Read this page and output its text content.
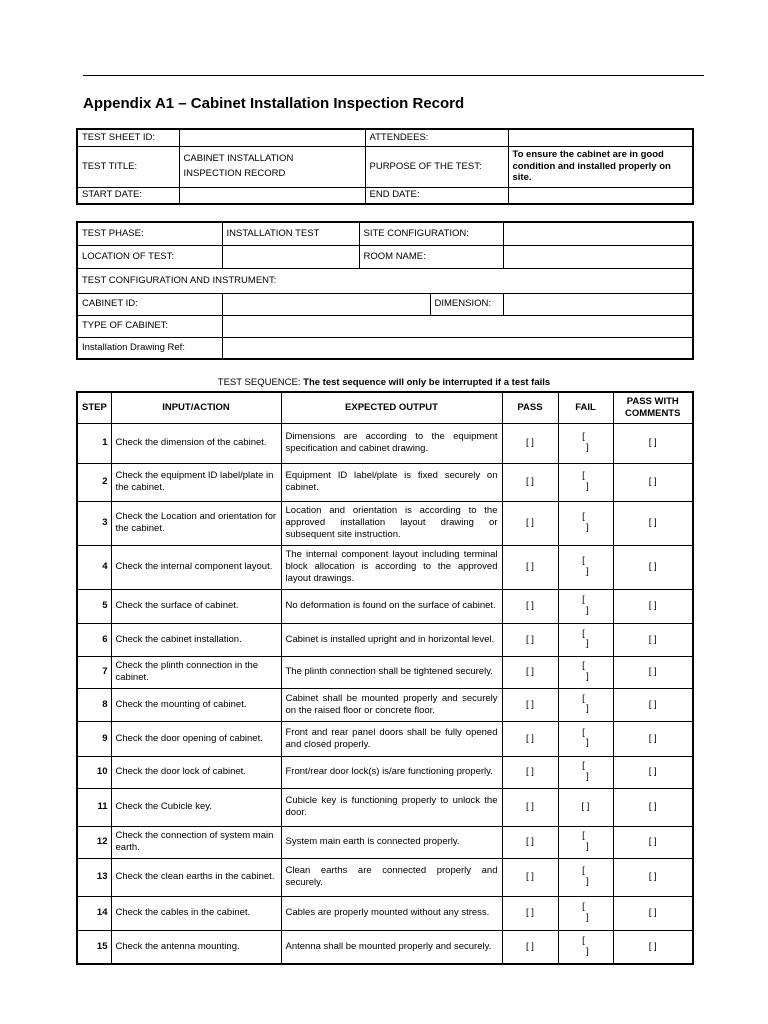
Appendix A1 – Cabinet Installation Inspection Record
TEST SHEET ID:		ATTENDEES:	
TEST TITLE:	CABINET INSTALLATION
INSPECTION RECORD	PURPOSE OF THE TEST:	To ensure the cabinet are in good condition and installed properly on site.
START DATE:		END DATE:	
TEST PHASE:	INSTALLATION TEST	SITE CONFIGURATION:		
LOCATION OF TEST:		ROOM NAME:		
TEST CONFIGURATION AND INSTRUMENT:				
CABINET ID:			DIMENSION:	
TYPE OF CABINET:				
Installation Drawing Ref:				
TEST SEQUENCE: The test sequence will only be interrupted if a test fails
STEP	INPUT/ACTION	EXPECTED OUTPUT	PASS	FAIL	PASS WITH COMMENTS
1	Check the dimension of the cabinet.	Dimensions are according to the equipment specification and cabinet drawing.	[ ]	[
]	[ ]
2	Check the equipment ID label/plate in the cabinet.	Equipment ID label/plate is fixed securely on cabinet.	[ ]	[
]	[ ]
3	Check the Location and orientation for the cabinet.	Location and orientation is according to the approved installation layout drawing or subsequent site instruction.	[ ]	[
]	[ ]
4	Check the internal component layout.	The internal component layout including terminal block allocation is according to the approved layout drawings.	[ ]	[
]	[ ]
5	Check the surface of cabinet.	No deformation is found on the surface of cabinet.	[ ]	[
]	[ ]
6	Check the cabinet installation.	Cabinet is installed upright and in horizontal level.	[ ]	[
]	[ ]
7	Check the plinth connection in the cabinet.	The plinth connection shall be tightened securely.	[ ]	[
]	[ ]
8	Check the mounting of cabinet.	Cabinet shall be mounted properly and securely on the raised floor or concrete floor.	[ ]	[
]	[ ]
9	Check the door opening of cabinet.	Front and rear panel doors shall be fully opened and closed properly.	[ ]	[
]	[ ]
10	Check the door lock of cabinet.	Front/rear door lock(s) is/are functioning properly.	[ ]	[
]	[ ]
11	Check the Cubicle key.	Cubicle key is functioning properly to unlock the door.	[ ]	[ ]	[ ]
12	Check the connection of system main earth.	System main earth is connected properly.	[ ]	[
]	[ ]
13	Check the clean earths in the cabinet.	Clean earths are connected properly and securely.	[ ]	[
]	[ ]
14	Check the cables in the cabinet.	Cables are properly mounted without any stress.	[ ]	[
]	[ ]
15	Check the antenna mounting.	Antenna shall be mounted properly and securely.	[ ]	[
]	[ ]
